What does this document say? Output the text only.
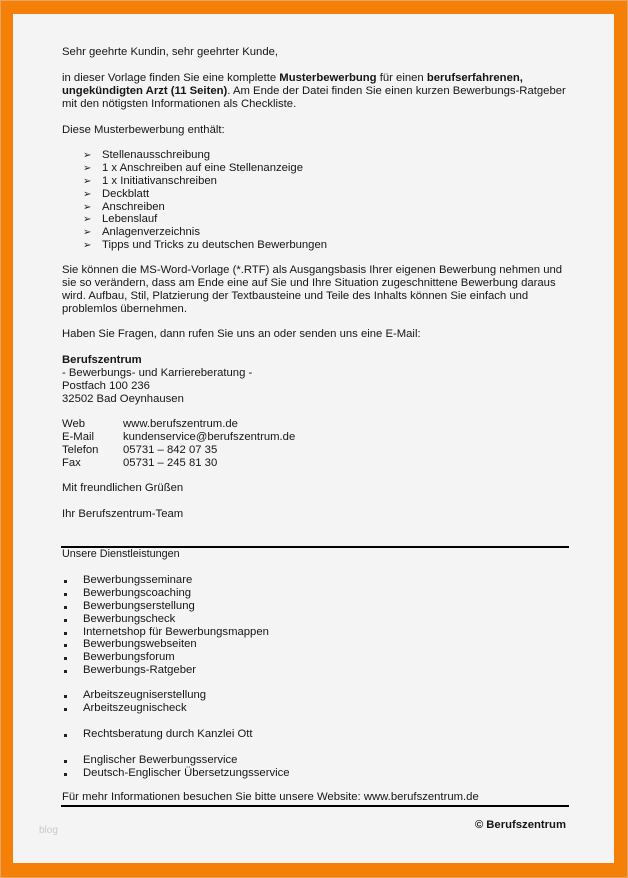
Sehr geehrte Kundin, sehr geehrter Kunde,
in dieser Vorlage finden Sie eine komplette Musterbewerbung für einen berufserfahrenen,
ungekündigten Arzt (11 Seiten). Am Ende der Datei finden Sie einen kurzen Bewerbungs-Ratgeber
mit den nötigsten Informationen als Checkliste.
Diese Musterbewerbung enthält:
➢ Stellenausschreibung
➢ 1 x Anschreiben auf eine Stellenanzeige
➢ 1 x Initiativanschreiben
➢ Deckblatt
➢ Anschreiben
➢ Lebenslauf
➢ Anlagenverzeichnis
➢ Tipps und Tricks zu deutschen Bewerbungen
Sie können die MS-Word-Vorlage (*.RTF) als Ausgangsbasis Ihrer eigenen Bewerbung nehmen und
sie so verändern, dass am Ende eine auf Sie und Ihre Situation zugeschnittene Bewerbung daraus
wird. Aufbau, Stil, Platzierung der Textbausteine und Teile des Inhalts können Sie einfach und
problemlos übernehmen.
Haben Sie Fragen, dann rufen Sie uns an oder senden uns eine E-Mail:
Berufszentrum
- Bewerbungs- und Karriereberatung -
Postfach 100 236
32502 Bad Oeynhausen
Web	www.berufszentrum.de
E-Mail	kundenservice@berufszentrum.de
Telefon 05731 – 842 07 35
Fax	05731 – 245 81 30
Mit freundlichen Grüßen
Ihr Berufszentrum-Team
Unsere Dienstleistungen
Bewerbungsseminare
Bewerbungscoaching
Bewerbungserstellung
Bewerbungscheck
Internetshop für Bewerbungsmappen
Bewerbungswebseiten
Bewerbungsforum
Bewerbungs-Ratgeber
Arbeitszeugniserstellung
Arbeitszeugnischeck
Rechtsberatung durch Kanzlei Ott
Englischer Bewerbungsservice
Deutsch-Englischer Übersetzungsservice
Für mehr Informationen besuchen Sie bitte unsere Website: www.berufszentrum.de
© Berufszentrum
blog
